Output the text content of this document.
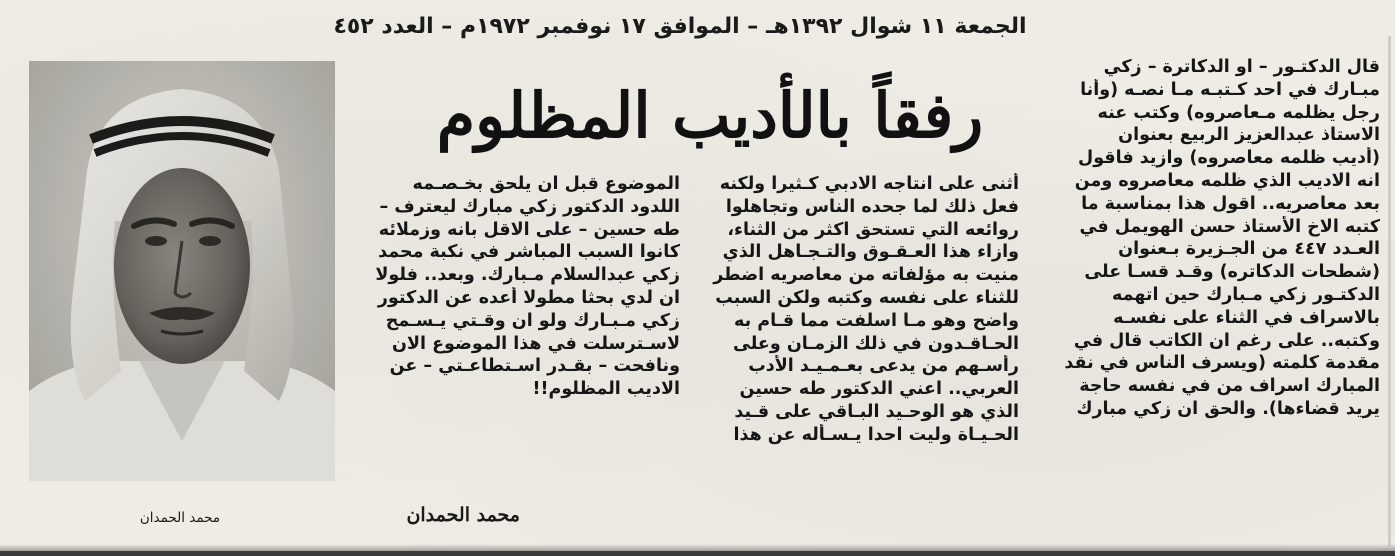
الجمعة ١١ شوال ١٣٩٢هـ – الموافق ١٧ نوفمبر ١٩٧٢م – العدد ٤٥٢
رفقاً بالأديب المظلوم
قال الدكتـور – او الدكاترة – زكي
مبـارك في احد كـتبـه مـا نصـه (وأنا
رجل يظلمه مـعاصروه) وكتب عنه
الاستاذ عبدالعزيز الربيع بعنوان
(أديب ظلمه معاصروه) وازيد فاقول
انه الاديب الذي ظلمه معاصروه ومن
بعد معاصريه.. اقول هذا بمناسبة ما
كتبه الاخ الأستاذ حسن الهويمل في
العـدد ٤٤٧ من الجـزيرة بـعنوان
(شطحات الدكاتره) وقـد قسـا على
الدكتـور زكي مـبارك حين اتهمه
بالاسراف في الثناء على نفسـه
وكتبه.. على رغم ان الكاتب قال في
مقدمة كلمته (ويسرف الناس في نقد
المبارك اسراف من في نفسه حاجة
يريد قضاءها). والحق ان زكي مبارك
أثنى على انتاجه الادبي كـثيرا ولكنه
فعل ذلك لما جحده الناس وتجاهلوا
روائعه التي تستحق اكثر من الثناء،
وازاء هذا العـقـوق والتـجـاهل الذي
منيت به مؤلفاته من معاصريه اضطر
للثناء على نفسه وكتبه ولكن السبب
واضح وهو مـا اسلفت مما قـام به
الحـاقـدون في ذلك الزمـان وعلى
رأسـهم من يدعى بعـمـيـد الأدب
العربي.. اعني الدكتور طه حسين
الذي هو الوحـيد البـاقي على قـيد
الحـيـاة وليت احدا يـسـأله عن هذا
الموضوع قبل ان يلحق بخـصـمه
اللدود الدكتور زكي مبارك ليعترف –
طه حسين – على الاقل بانه وزملائه
كانوا السبب المباشر في نكبة محمد
زكي عبدالسلام مـبارك. وبعد.. فلولا
ان لدي بحثا مطولا أعده عن الدكتور
زكي مـبـارك ولو ان وقـتي يـسـمح
لاسـترسلت في هذا الموضوع الان
ونافحت – بقـدر اسـتطاعـتي – عن
الاديب المظلوم!!
محمد الحمدان
محمد الحمدان
